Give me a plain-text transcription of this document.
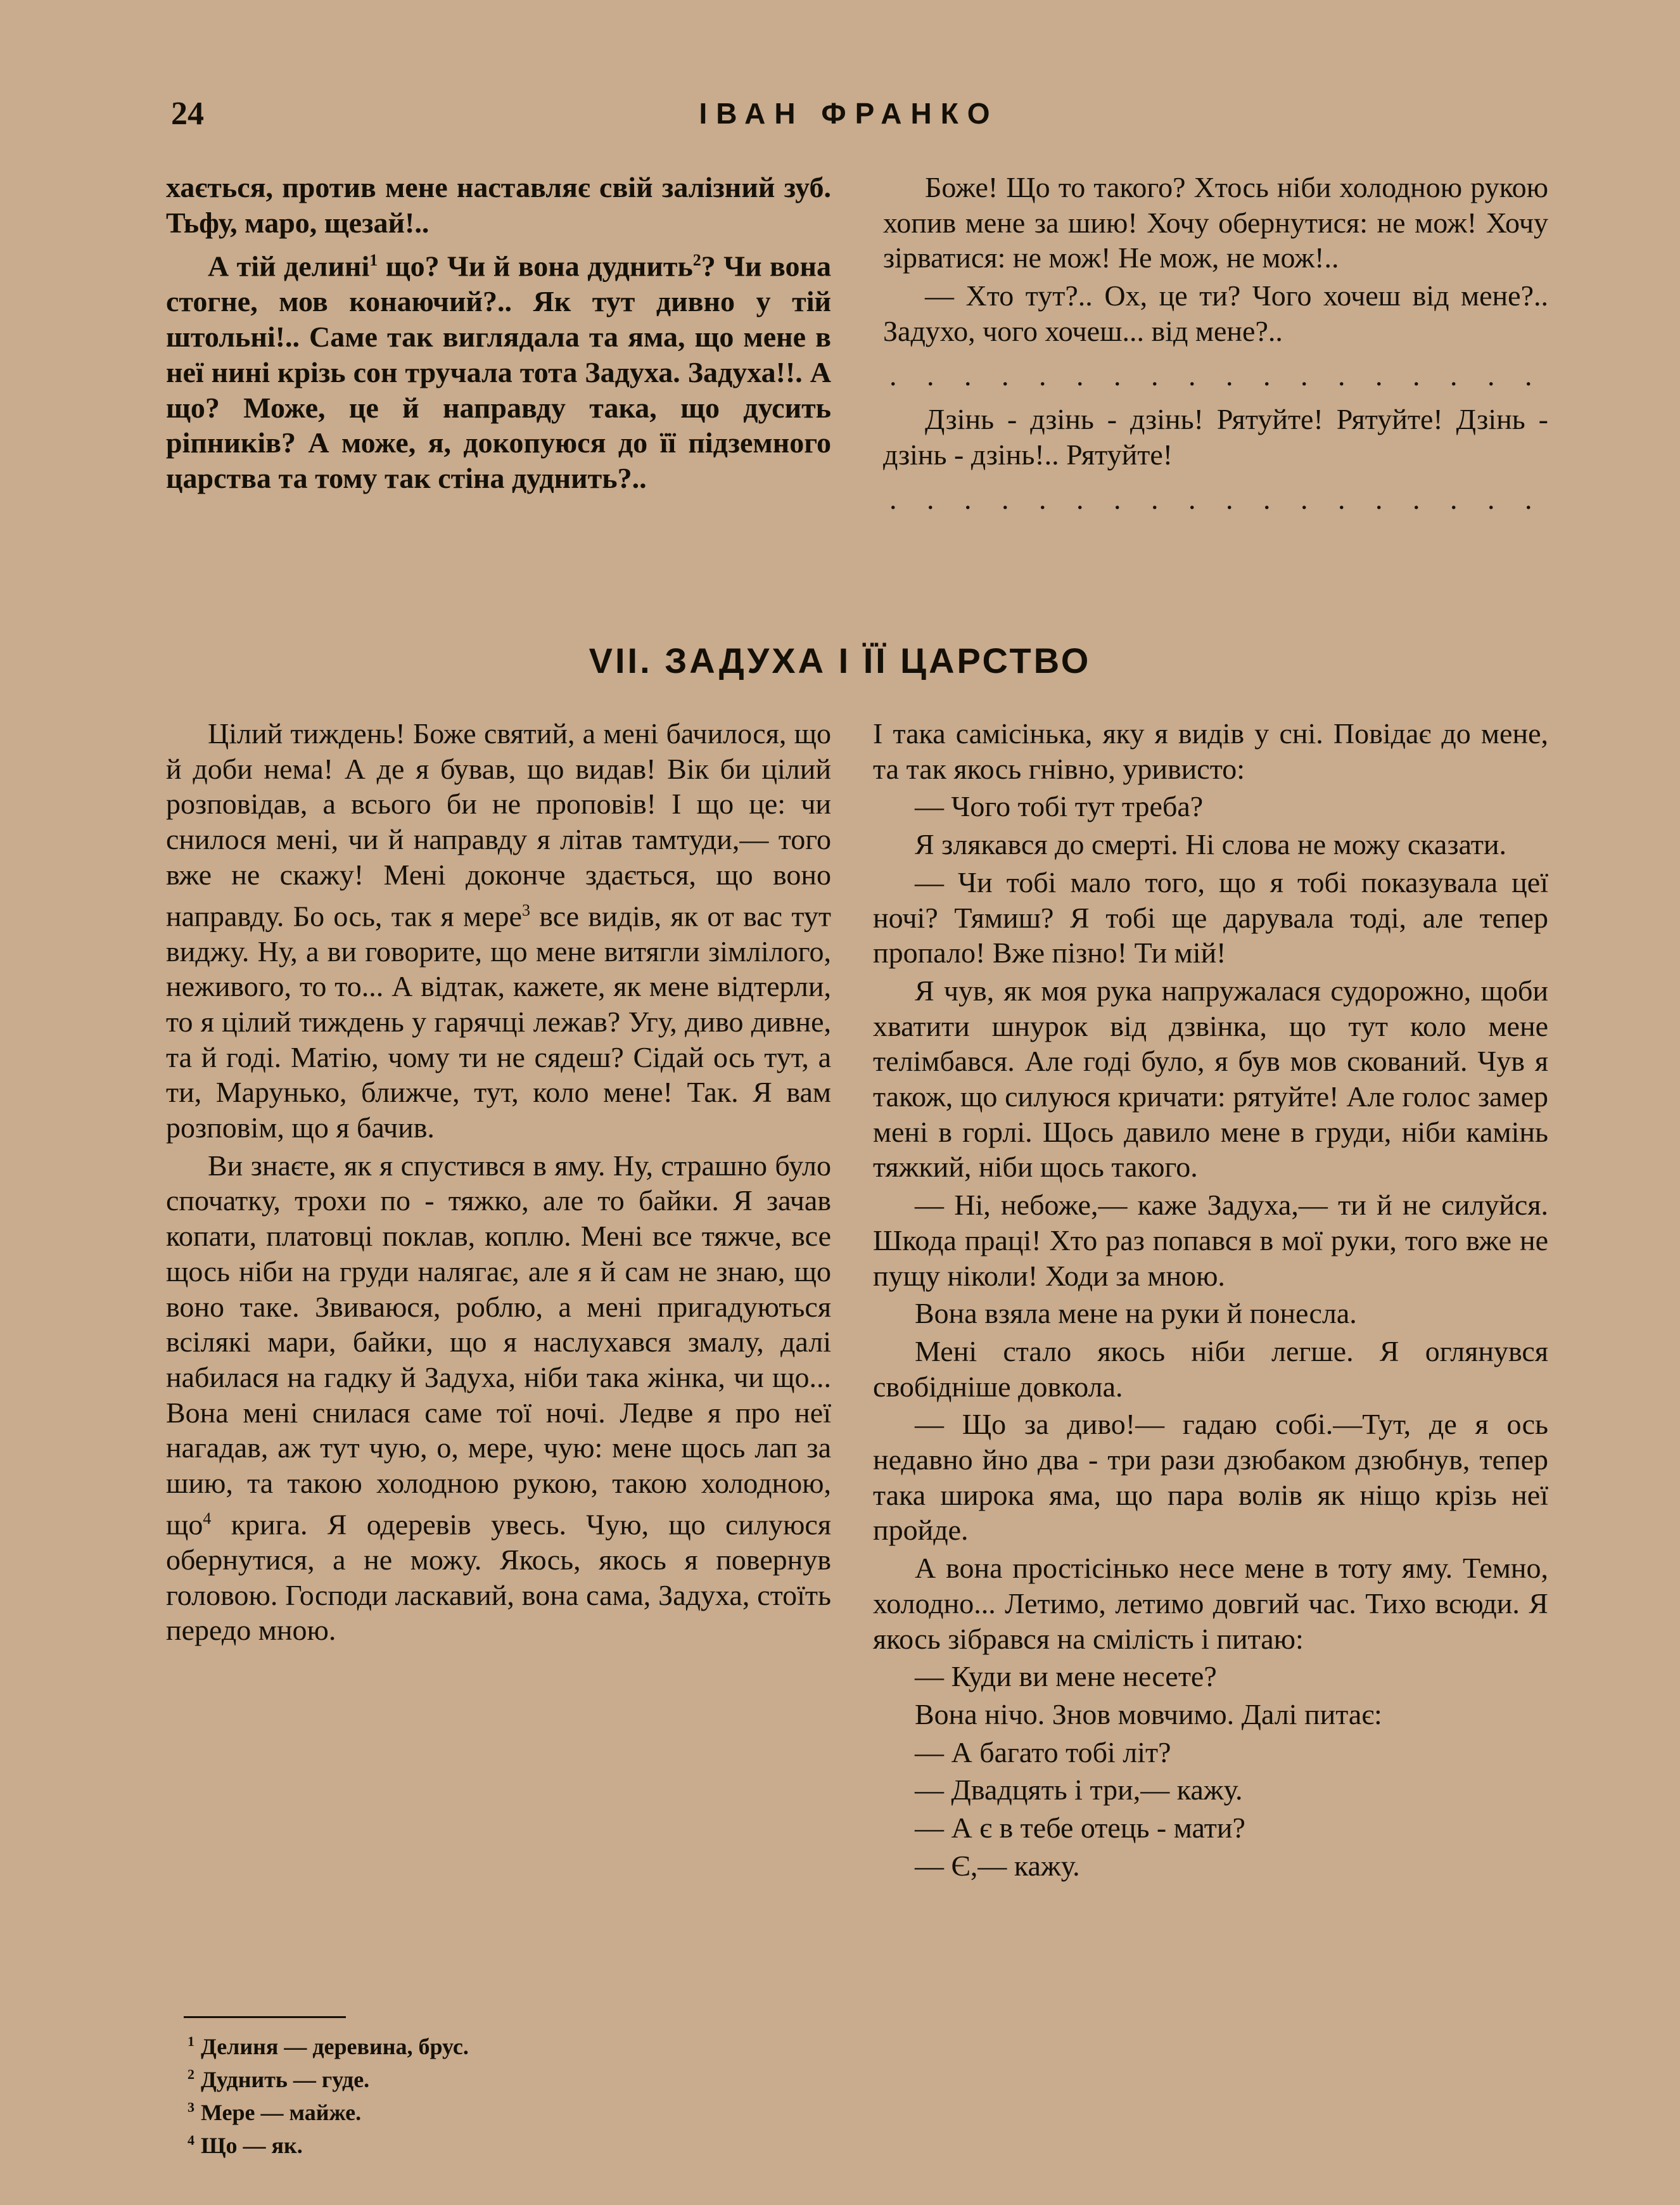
24	ІВАН ФРАНКО

хається, против мене наставляє свій залізний зуб. Тьфу, маро, щезай!..

А тій делині$^1$ що? Чи й вона дуднить$^2$? Чи вона стогне, мов конаючий?.. Як тут дивно у тій штольні!.. Саме так виглядала та яма, що мене в неї нині крізь сон тручала тота Задуха. Задуха!!. А що? Може, це й направду така, що дусить ріпників? А може, я, докопуюся до її підземного царства та тому так стіна дуднить?..

Боже! Що то такого? Хтось ніби холодною рукою хопив мене за шию! Хочу обернутися: не мож! Хочу зірватися: не мож! Не мож, не мож!..

— Хто тут?.. Ох, це ти? Чого хочеш від мене?.. Задухо, чого хочеш... від мене?..

. . . . . . . . . . . . . . . . . .

Дзінь - дзінь - дзінь! Рятуйте! Рятуйте! Дзінь - дзінь - дзінь!.. Рятуйте!

. . . . . . . . . . . . . . . . . .

VII. ЗАДУХА І ЇЇ ЦАРСТВО

Цілий тиждень! Боже святий, а мені бачилося, що й доби нема! А де я бував, що видав! Вік би цілий розповідав, а всього би не проповів! І що це: чи снилося мені, чи й направду я літав тамтуди,— того вже не скажу! Мені доконче здається, що воно направду. Бо ось, так я мере$^3$ все видів, як от вас тут виджу. Ну, а ви говорите, що мене витягли зімлілого, неживого, то то... А відтак, кажете, як мене відтерли, то я цілий тиждень у гарячці лежав? Угу, диво дивне, та й годі. Матію, чому ти не сядеш? Сідай ось тут, а ти, Марунько, ближче, тут, коло мене! Так. Я вам розповім, що я бачив.

Ви знаєте, як я спустився в яму. Ну, страшно було спочатку, трохи по - тяжко, але то байки. Я зачав копати, платовці поклав, коплю. Мені все тяжче, все щось ніби на груди налягає, але я й сам не знаю, що воно таке. Звиваюся, роблю, а мені пригадуються всілякі мари, байки, що я наслухався змалу, далі набилася на гадку й Задуха, ніби така жінка, чи що... Вона мені снилася саме тої ночі. Ледве я про неї нагадав, аж тут чую, о, мере, чую: мене щось лап за шию, та такою холодною рукою, такою холодною, $що^4$ крига. Я одеревів увесь. Чую, що силуюся обернутися, а не можу. Якось, якось я повернув головою. Господи ласкавий, вона сама, Задуха, стоїть передо мною.

І така самісінька, яку я видів у сні. Повідає до мене, та так якось гнівно, уривисто:

— Чого тобі тут треба?

Я злякався до смерті. Ні слова не можу сказати.

— Чи тобі мало того, що я тобі показувала цеї ночі? Тямиш? Я тобі ще дарувала тоді, але тепер пропало! Вже пізно! Ти мій!

Я чув, як моя рука напружалася судорожно, щоби хватити шнурок від дзвінка, що тут коло мене телімбався. Але годі було, я був мов скований. Чув я також, що силуюся кричати: рятуйте! Але голос замер мені в горлі. Щось давило мене в груди, ніби камінь тяжкий, ніби щось такого.

— Ні, небоже,— каже Задуха,— ти й не силуйся. Шкода праці! Хто раз попався в мої руки, того вже не пущу ніколи! Ходи за мною.

Вона взяла мене на руки й понесла.

Мені стало якось ніби легше. Я оглянувся свобідніше довкола.

— Що за диво!— гадаю собі.—Тут, де я ось недавно йно два - три рази дзюбаком дзюбнув, тепер така широка яма, що пара волів як ніщо крізь неї пройде.

А вона простісінько несе мене в тоту яму. Темно, холодно... Летимо, летимо довгий час. Тихо всюди. Я якось зібрався на смілість і питаю:

— Куди ви мене несете?

Вона нічо. Знов мовчимо. Далі питає:

— А багато тобі літ?

— Двадцять і три,— кажу.

— А є в тебе отець - мати?

— Є,— кажу.

$^1$ Делиня — деревина, брус.
$^2$ Дуднить — гуде.
$^3$ Мере — майже.
$^4$ Що — як.
